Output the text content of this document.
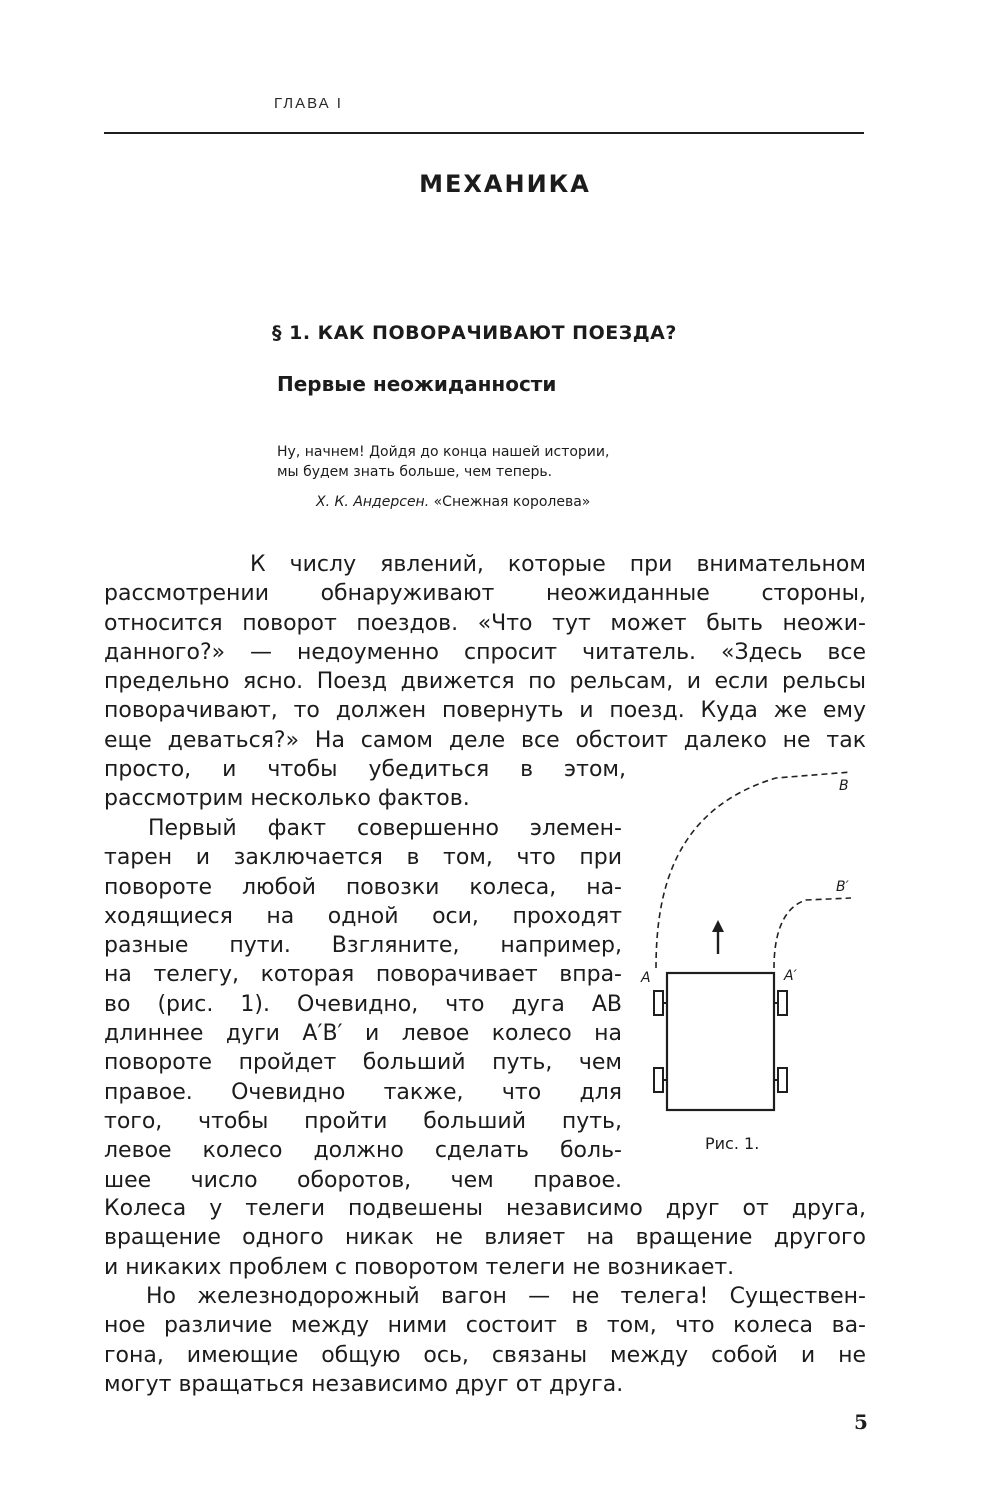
ГЛАВА I
МЕХАНИКА
§ 1. КАК ПОВОРАЧИВАЮТ ПОЕЗДА?
Первые неожиданности
Ну, начнем! Дойдя до конца нашей истории,
мы будем знать больше, чем теперь.
Х. К. Андерсен. «Снежная королева»
К числу явлений, которые при внимательном
рассмотрении обнаруживают неожиданные стороны,
относится поворот поездов. «Что тут может быть неожи-
данного?» — недоуменно спросит читатель. «Здесь все
предельно ясно. Поезд движется по рельсам, и если рельсы
поворачивают, то должен повернуть и поезд. Куда же ему
еще деваться?» На самом деле все обстоит далеко не так
просто, и чтобы убедиться в этом,
рассмотрим несколько фактов.
Первый факт совершенно элемен-
тарен и заключается в том, что при
повороте любой повозки колеса, на-
ходящиеся на одной оси, проходят
разные пути. Взгляните, например,
на телегу, которая поворачивает впра-
во (рис. 1). Очевидно, что дуга AB
длиннее дуги A′B′ и левое колесо на
повороте пройдет больший путь, чем
правое. Очевидно также, что для
того, чтобы пройти больший путь,
левое колесо должно сделать боль-
шее число оборотов, чем правое.
Колеса у телеги подвешены независимо друг от друга,
вращение одного никак не влияет на вращение другого
и никаких проблем с поворотом телеги не возникает.
Но железнодорожный вагон — не телега! Существен-
ное различие между ними состоит в том, что колеса ва-
гона, имеющие общую ось, связаны между собой и не
могут вращаться независимо друг от друга.
A	A′
B
B′
Рис. 1.
5
